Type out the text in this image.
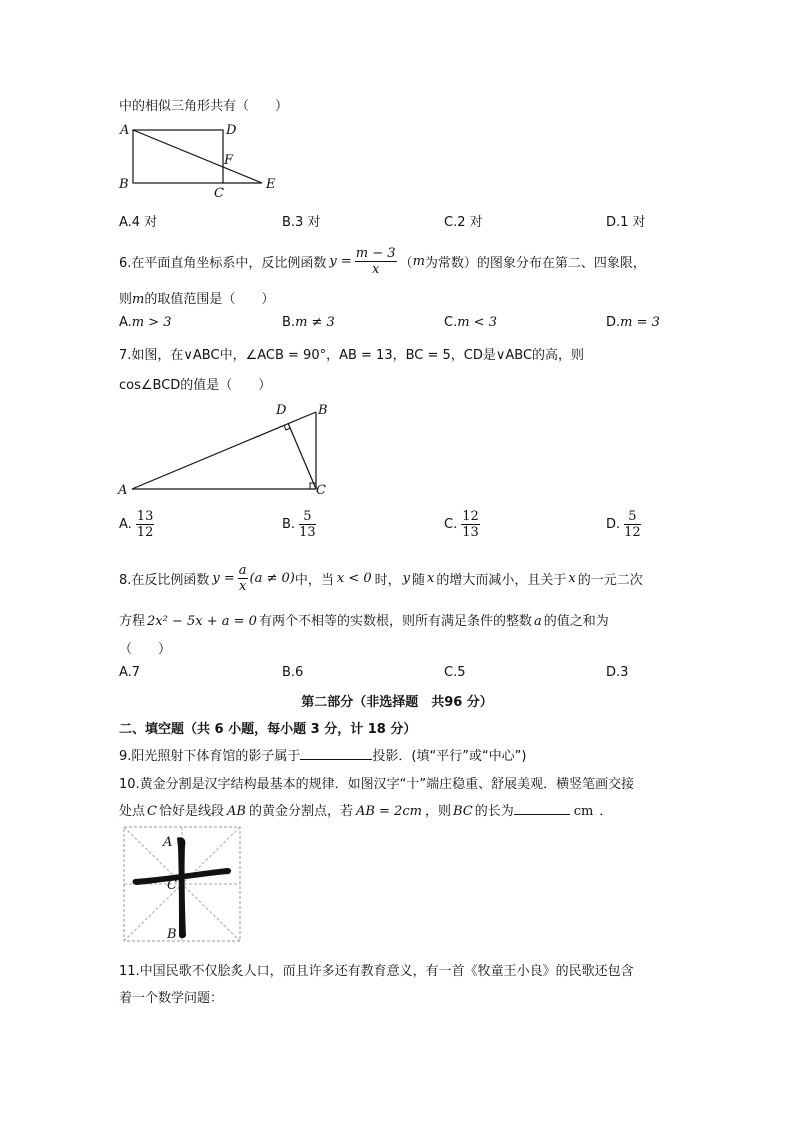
中的相似三角形共有（　　）
A	D
F
B
C
E
A.4 对	B.3 对	C.2 对	D.1 对
6.在平面直角坐标系中，反比例函数 $y = \frac{m - 3}{x}$ （ m 为常数）的图象分布在第二、四象限，
则m的取值范围是（　　）
A.m > 3	B.m ≠ 3	C.m < 3	D.m = 3
7.如图，在∨ABC中，∠ACB = 90°，AB = 13，BC = 5，CD是∨ABC的高，则
cos∠BCD的值是（　　）
D B
A	C
A. $\frac{13}{12}$	B. $\frac{5}{13}$	C. $\frac{12}{13}$	D. $\frac{5}{12}$
8.在反比例函数 $y = \frac{a}{x} (a \ne 0)$ 中，当 x < 0 时， y 随 x 的增大而减小，且关于 x 的一元二次
方程 2x² − 5x + a = 0 有两个不相等的实数根，则所有满足条件的整数 a 的值之和为
（　　）
A.7	B.6	C.5	D.3
第二部分（非选择题　共96 分）
二、填空题（共 6 小题，每小题 3 分，计 18 分）
9.阳光照射下体育馆的影子属于	投影．(填“平行”或“中心”)
10.黄金分割是汉字结构最基本的规律．如图汉字“十”端庄稳重、舒展美观．横竖笔画交接
处点 C 恰好是线段 AB 的黄金分割点，若 AB = 2cm ，则 BC 的长为	cm ．
A
C
B
11.中国民歌不仅脍炙人口，而且许多还有教育意义，有一首《牧童王小良》的民歌还包含
着一个数学问题：
